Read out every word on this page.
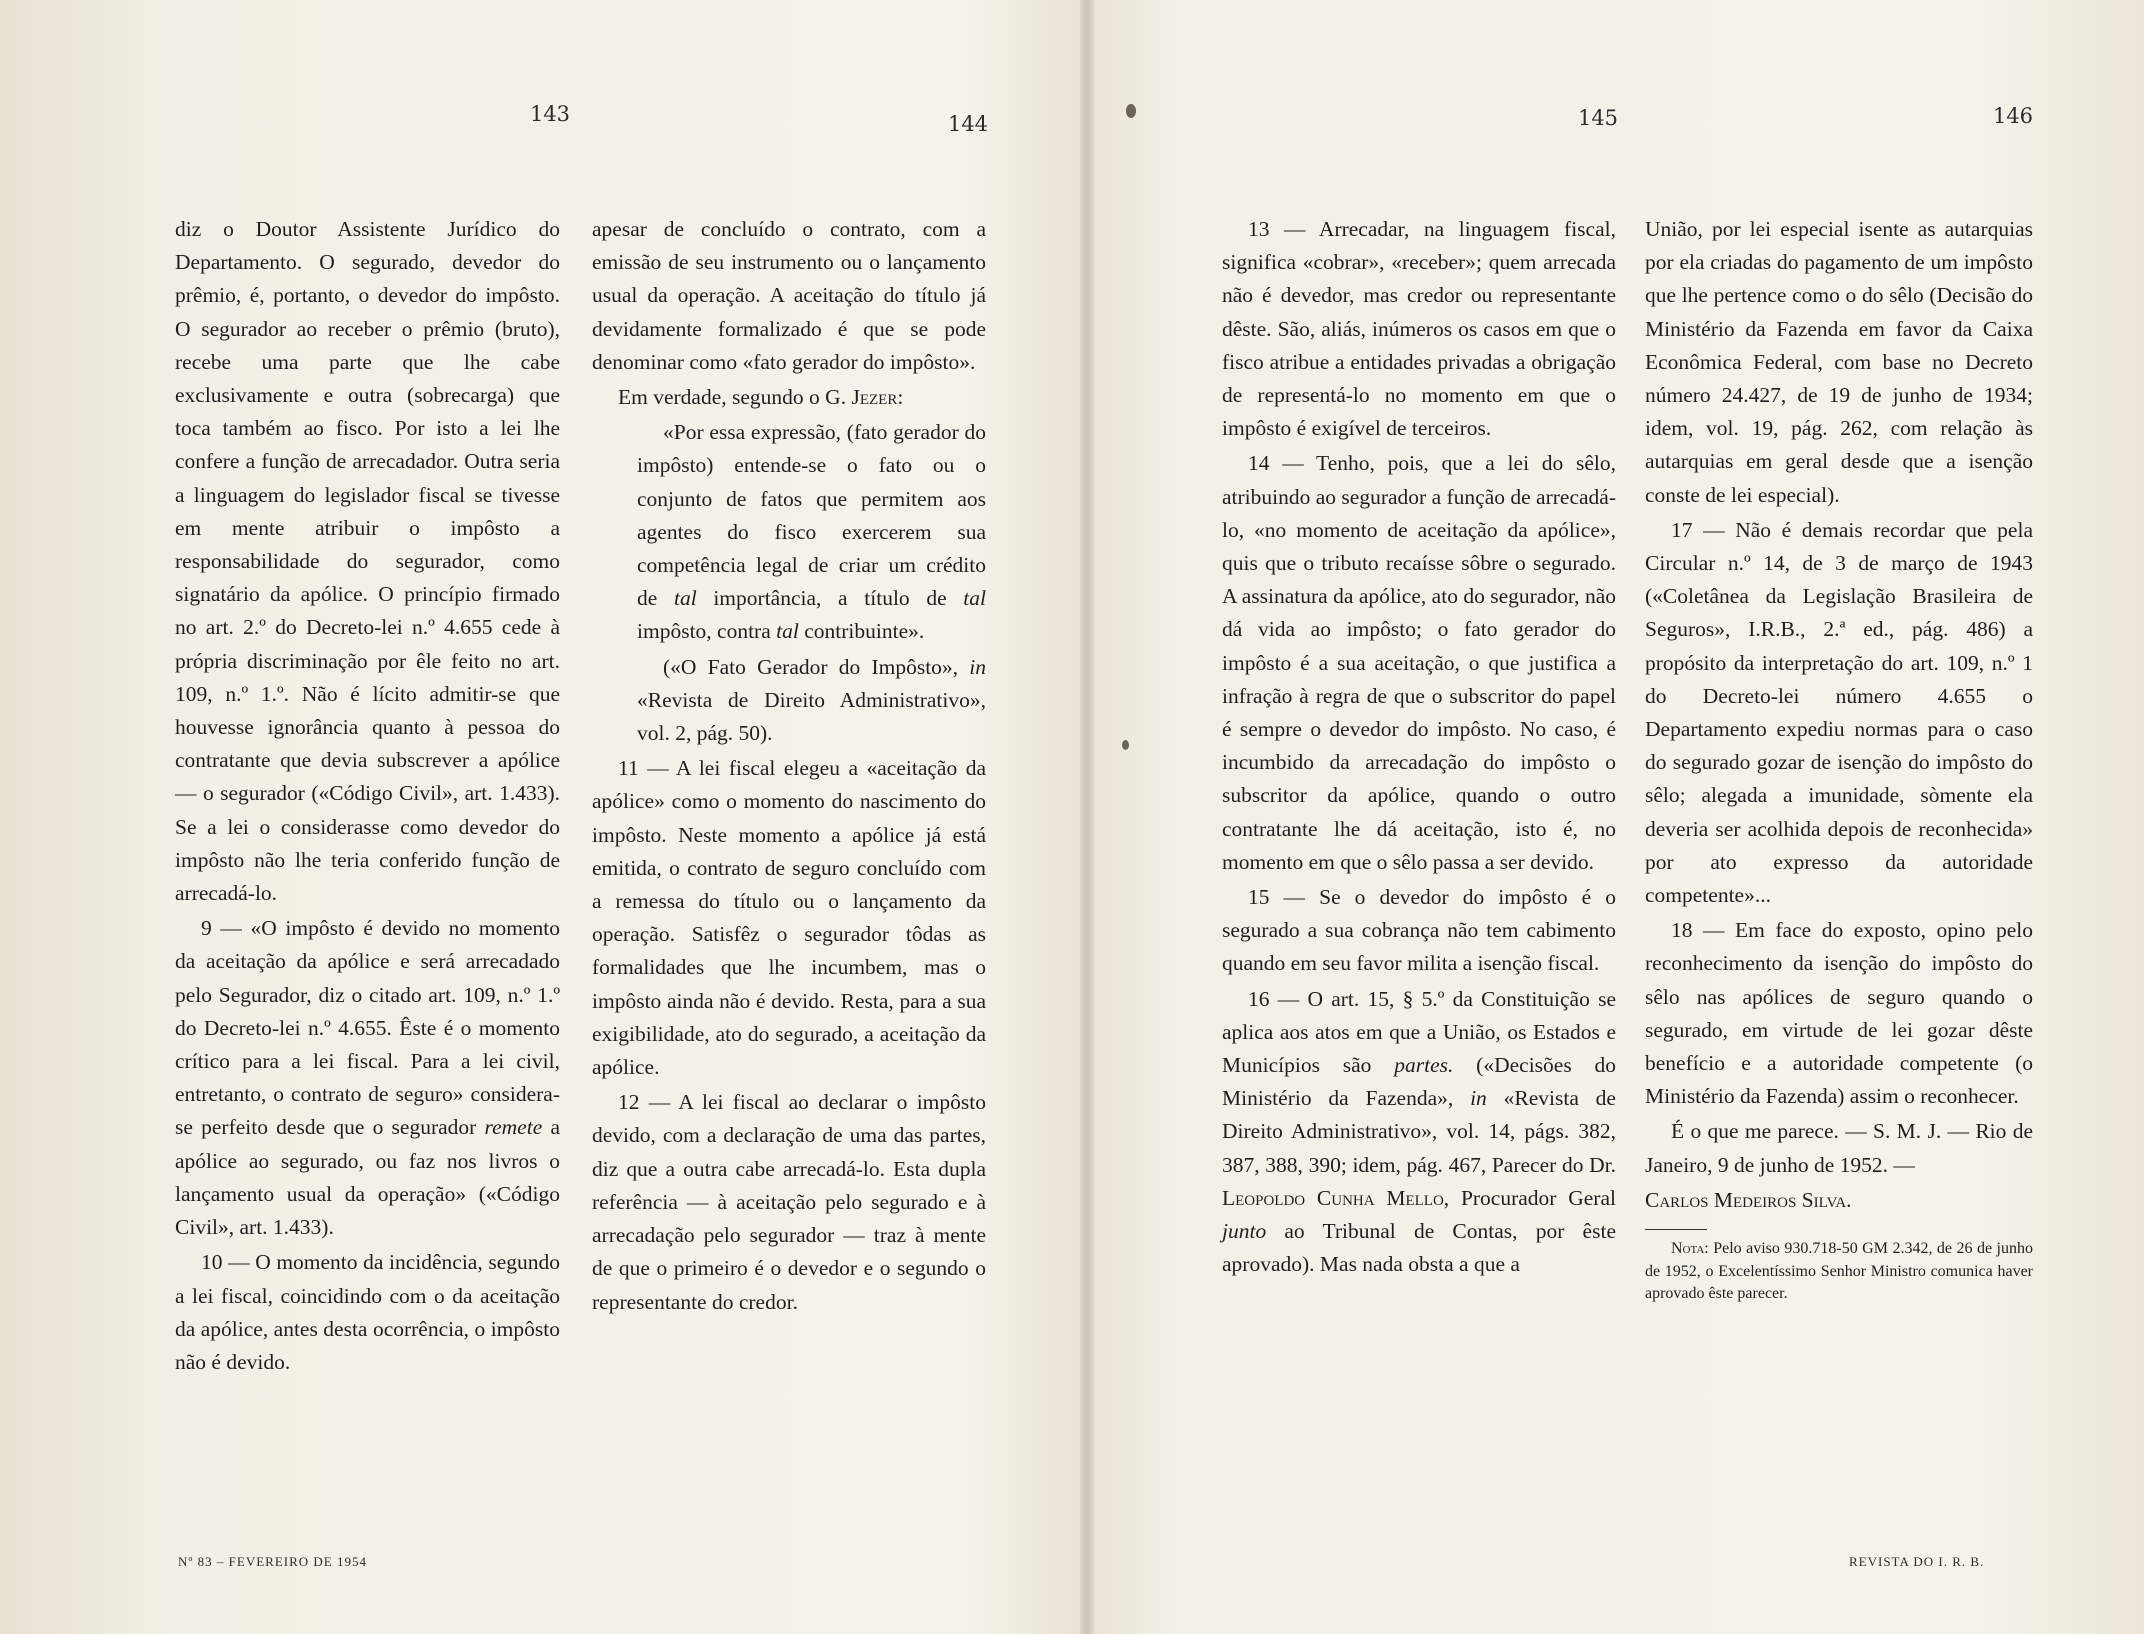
143	144	145	146

diz o Doutor Assistente Jurídico do Departamento. O segurado, devedor do prêmio, é, portanto, o devedor do impôsto. O segurador ao receber o prêmio (bruto), recebe uma parte que lhe cabe exclusivamente e outra (sobrecarga) que toca também ao fisco. Por isto a lei lhe confere a função de arrecadador. Outra seria a linguagem do legislador fiscal se tivesse em mente atribuir o impôsto a responsabilidade do segurador, como signatário da apólice. O princípio firmado no art. 2.º do Decreto-lei n.º 4.655 cede à própria discriminação por êle feito no art. 109, n.º 1.º. Não é lícito admitir-se que houvesse ignorância quanto à pessoa do contratante que devia subscrever a apólice — o segurador («Código Civil», art. 1.433). Se a lei o considerasse como devedor do impôsto não lhe teria conferido função de arrecadá-lo.

9 — «O impôsto é devido no momento da aceitação da apólice e será arrecadado pelo Segurador, diz o citado art. 109, n.º 1.º do Decreto-lei n.º 4.655. Êste é o momento crítico para a lei fiscal. Para a lei civil, entretanto, o contrato de seguro» considera-se perfeito desde que o segurador remete a apólice ao segurado, ou faz nos livros o lançamento usual da operação» («Código Civil», art. 1.433).

10 — O momento da incidência, segundo a lei fiscal, coincidindo com o da aceitação da apólice, antes desta ocorrência, o impôsto não é devido.

apesar de concluído o contrato, com a emissão de seu instrumento ou o lançamento usual da operação. A aceitação do título já devidamente formalizado é que se pode denominar como «fato gerador do impôsto».

Em verdade, segundo o G. Jezer:

«Por essa expressão, (fato gerador do impôsto) entende-se o fato ou o conjunto de fatos que permitem aos agentes do fisco exercerem sua competência legal de criar um crédito de tal importância, a título de tal impôsto, contra tal contribuinte».

(«O Fato Gerador do Impôsto», in «Revista de Direito Administrativo», vol. 2, pág. 50).

11 — A lei fiscal elegeu a «aceitação da apólice» como o momento do nascimento do impôsto. Neste momento a apólice já está emitida, o contrato de seguro concluído com a remessa do título ou o lançamento da operação. Satisfêz o segurador tôdas as formalidades que lhe incumbem, mas o impôsto ainda não é devido. Resta, para a sua exigibilidade, ato do segurado, a aceitação da apólice.

12 — A lei fiscal ao declarar o impôsto devido, com a declaração de uma das partes, diz que a outra cabe arrecadá-lo. Esta dupla referência — à aceitação pelo segurado e à arrecadação pelo segurador — traz à mente de que o primeiro é o devedor e o segundo o representante do credor.

13 — Arrecadar, na linguagem fiscal, significa «cobrar», «receber»; quem arrecada não é devedor, mas credor ou representante dêste. São, aliás, inúmeros os casos em que o fisco atribue a entidades privadas a obrigação de representá-lo no momento em que o impôsto é exigível de terceiros.

14 — Tenho, pois, que a lei do sêlo, atribuindo ao segurador a função de arrecadá-lo, «no momento de aceitação da apólice», quis que o tributo recaísse sôbre o segurado. A assinatura da apólice, ato do segurador, não dá vida ao impôsto; o fato gerador do impôsto é a sua aceitação, o que justifica a infração à regra de que o subscritor do papel é sempre o devedor do impôsto. No caso, é incumbido da arrecadação do impôsto o subscritor da apólice, quando o outro contratante lhe dá aceitação, isto é, no momento em que o sêlo passa a ser devido.

15 — Se o devedor do impôsto é o segurado a sua cobrança não tem cabimento quando em seu favor milita a isenção fiscal.

16 — O art. 15, § 5.º da Constituição se aplica aos atos em que a União, os Estados e Municípios são partes. («Decisões do Ministério da Fazenda», in «Revista de Direito Administrativo», vol. 14, págs. 382, 387, 388, 390; idem, pág. 467, Parecer do Dr. Leopoldo Cunha Mello, Procurador Geral junto ao Tribunal de Contas, por êste aprovado). Mas nada obsta a que a

União, por lei especial isente as autarquias por ela criadas do pagamento de um impôsto que lhe pertence como o do sêlo (Decisão do Ministério da Fazenda em favor da Caixa Econômica Federal, com base no Decreto número 24.427, de 19 de junho de 1934; idem, vol. 19, pág. 262, com relação às autarquias em geral desde que a isenção conste de lei especial).

17 — Não é demais recordar que pela Circular n.º 14, de 3 de março de 1943 («Coletânea da Legislação Brasileira de Seguros», I.R.B., 2.ª ed., pág. 486) a propósito da interpretação do art. 109, n.º 1 do Decreto-lei número 4.655 o Departamento expediu normas para o caso do segurado gozar de isenção do impôsto do sêlo; alegada a imunidade, sòmente ela deveria ser acolhida depois de reconhecida» por ato expresso da autoridade competente»...

18 — Em face do exposto, opino pelo reconhecimento da isenção do impôsto do sêlo nas apólices de seguro quando o segurado, em virtude de lei gozar dêste benefício e a autoridade competente (o Ministério da Fazenda) assim o reconhecer.

É o que me parece. — S. M. J. — Rio de Janeiro, 9 de junho de 1952. —

Carlos Medeiros Silva.

Nota: Pelo aviso 930.718-50 GM 2.342, de 26 de junho de 1952, o Excelentíssimo Senhor Ministro comunica haver aprovado êste parecer.

Nº 83 – FEVEREIRO DE 1954	REVISTA DO I. R. B.
